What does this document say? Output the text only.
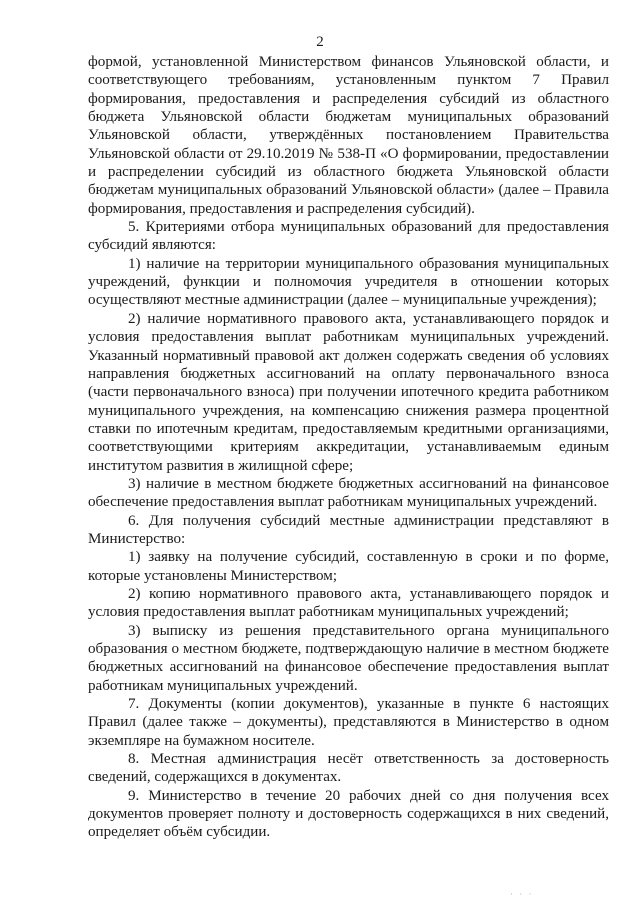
2

формой, установленной Министерством финансов Ульяновской области, и соответствующего требованиям, установленным пунктом 7 Правил формирования, предоставления и распределения субсидий из областного бюджета Ульяновской области бюджетам муниципальных образований Ульяновской области, утверждённых постановлением Правительства Ульяновской области от 29.10.2019 № 538-П «О формировании, предоставлении и распределении субсидий из областного бюджета Ульяновской области бюджетам муниципальных образований Ульяновской области» (далее – Правила формирования, предоставления и распределения субсидий).

5. Критериями отбора муниципальных образований для предоставления субсидий являются:

1) наличие на территории муниципального образования муниципальных учреждений, функции и полномочия учредителя в отношении которых осуществляют местные администрации (далее – муниципальные учреждения);

2) наличие нормативного правового акта, устанавливающего порядок и условия предоставления выплат работникам муниципальных учреждений. Указанный нормативный правовой акт должен содержать сведения об условиях направления бюджетных ассигнований на оплату первоначального взноса (части первоначального взноса) при получении ипотечного кредита работником муниципального учреждения, на компенсацию снижения размера процентной ставки по ипотечным кредитам, предоставляемым кредитными организациями, соответствующими критериям аккредитации, устанавливаемым единым институтом развития в жилищной сфере;

3) наличие в местном бюджете бюджетных ассигнований на финансовое обеспечение предоставления выплат работникам муниципальных учреждений.

6. Для получения субсидий местные администрации представляют в Министерство:

1) заявку на получение субсидий, составленную в сроки и по форме, которые установлены Министерством;

2) копию нормативного правового акта, устанавливающего порядок и условия предоставления выплат работникам муниципальных учреждений;

3) выписку из решения представительного органа муниципального образования о местном бюджете, подтверждающую наличие в местном бюджете бюджетных ассигнований на финансовое обеспечение предоставления выплат работникам муниципальных учреждений.

7. Документы (копии документов), указанные в пункте 6 настоящих Правил (далее также – документы), представляются в Министерство в одном экземпляре на бумажном носителе.

8. Местная администрация несёт ответственность за достоверность сведений, содержащихся в документах.

9. Министерство в течение 20 рабочих дней со дня получения всех документов проверяет полноту и достоверность содержащихся в них сведений, определяет объём субсидии.

· · ·
